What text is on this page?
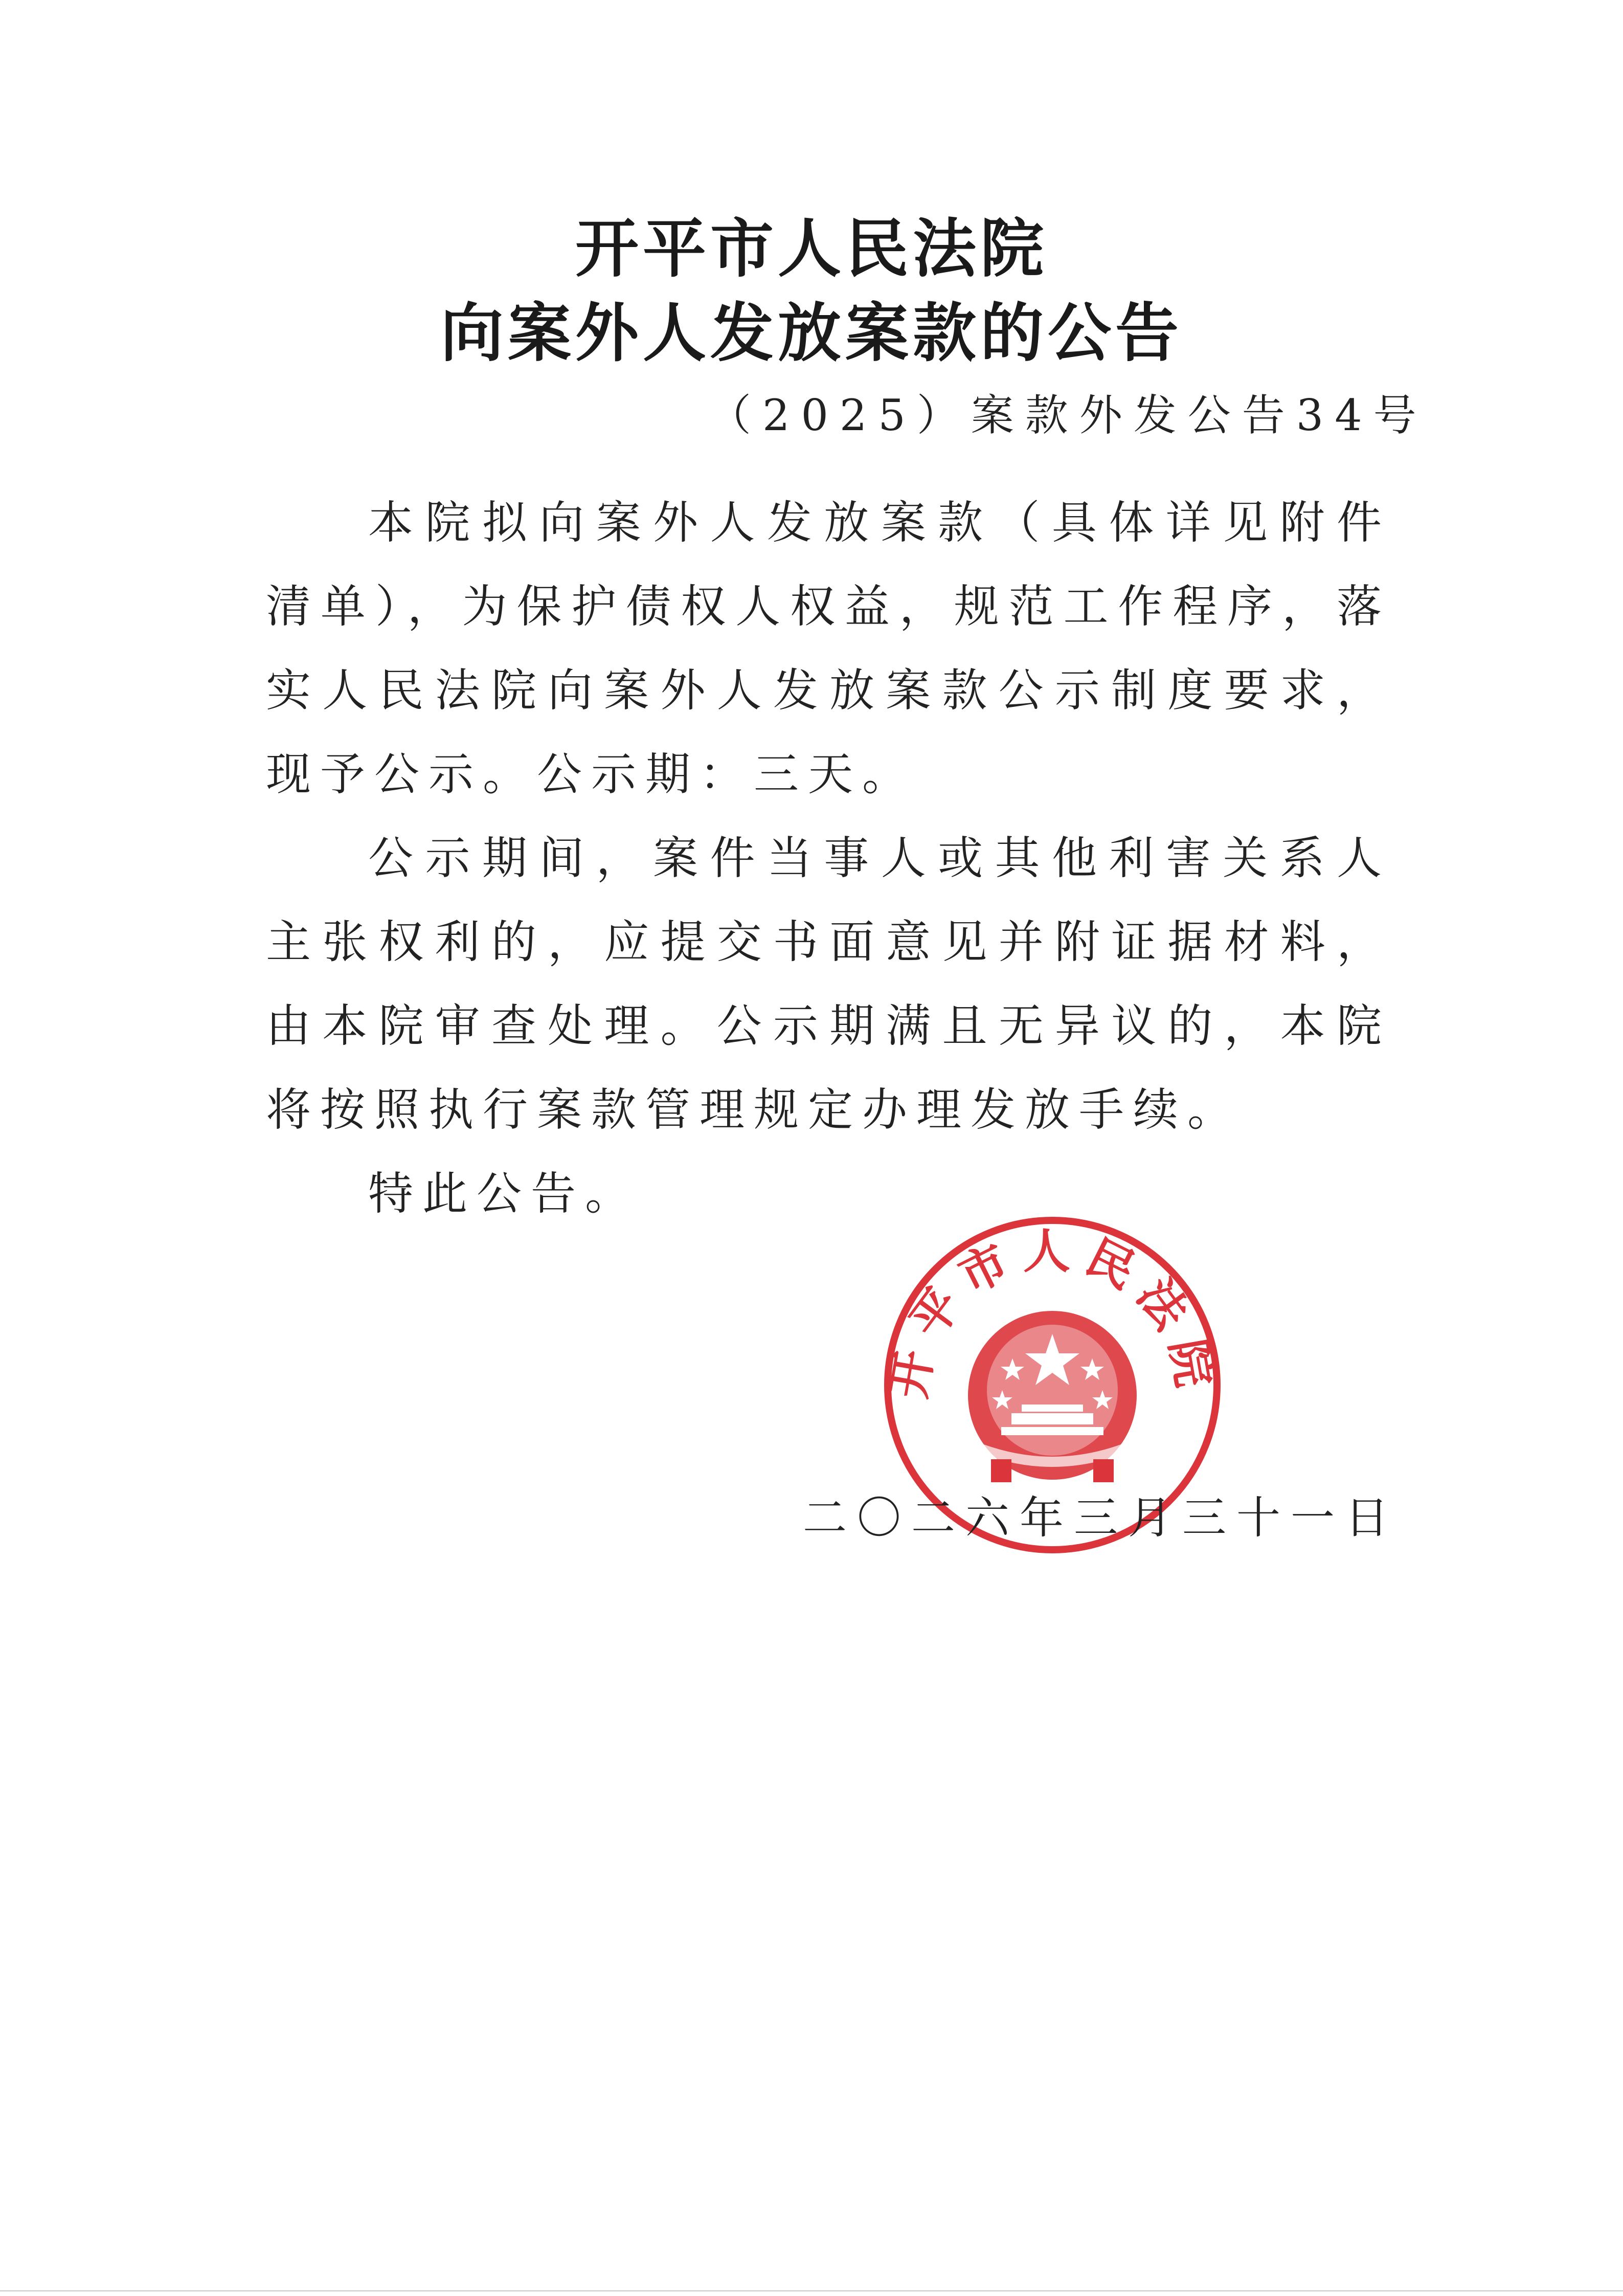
开平市人民法院
向案外人发放案款的公告
（2025）案款外发公告34号

本院拟向案外人发放案款（具体详见附件清单），为保护债权人权益，规范工作程序，落实人民法院向案外人发放案款公示制度要求，现予公示。公示期：三天。

公示期间，案件当事人或其他利害关系人主张权利的，应提交书面意见并附证据材料，由本院审查处理。公示期满且无异议的，本院将按照执行案款管理规定办理发放手续。

特此公告。

开平市人民法院
二〇二六年三月三十一日
